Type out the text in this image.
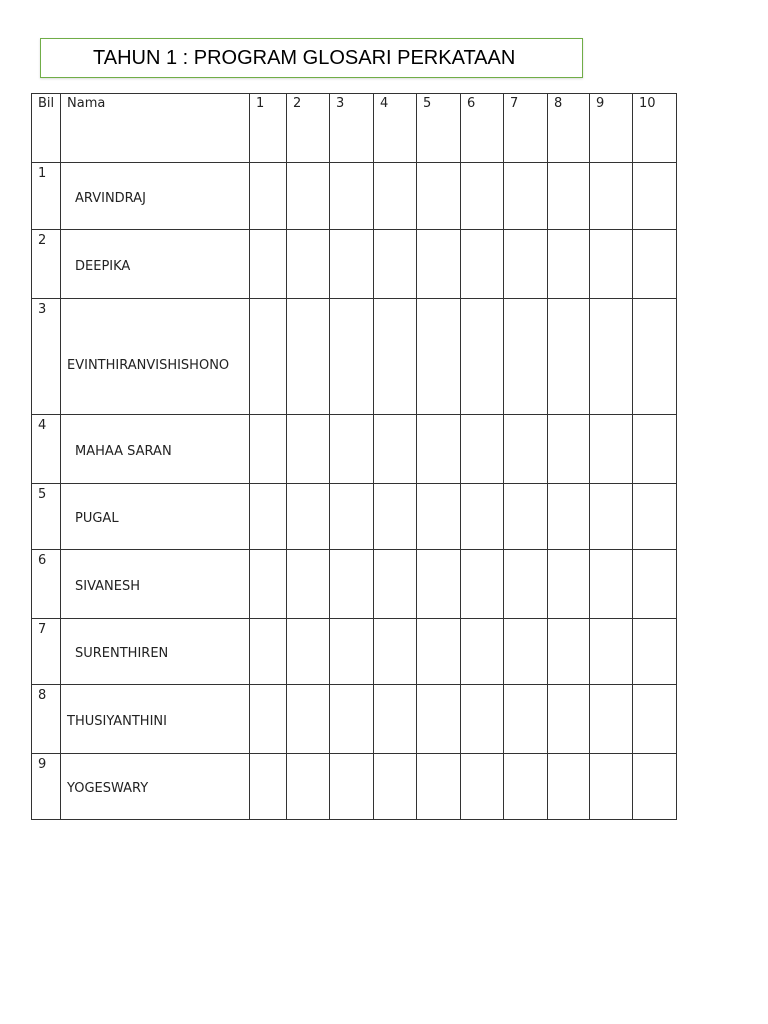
TAHUN 1 : PROGRAM GLOSARI PERKATAAN
Bil	Nama	1	2	3	4	5	6	7	8	9	10

1	ARVINDRAJ										

2	DEEPIKA										

3	EVINTHIRANVISHISHONO										

4	MAHAA SARAN										

5	PUGAL										

6	SIVANESH										

7	SURENTHIREN										

8	THUSIYANTHINI										

9	YOGESWARY										
